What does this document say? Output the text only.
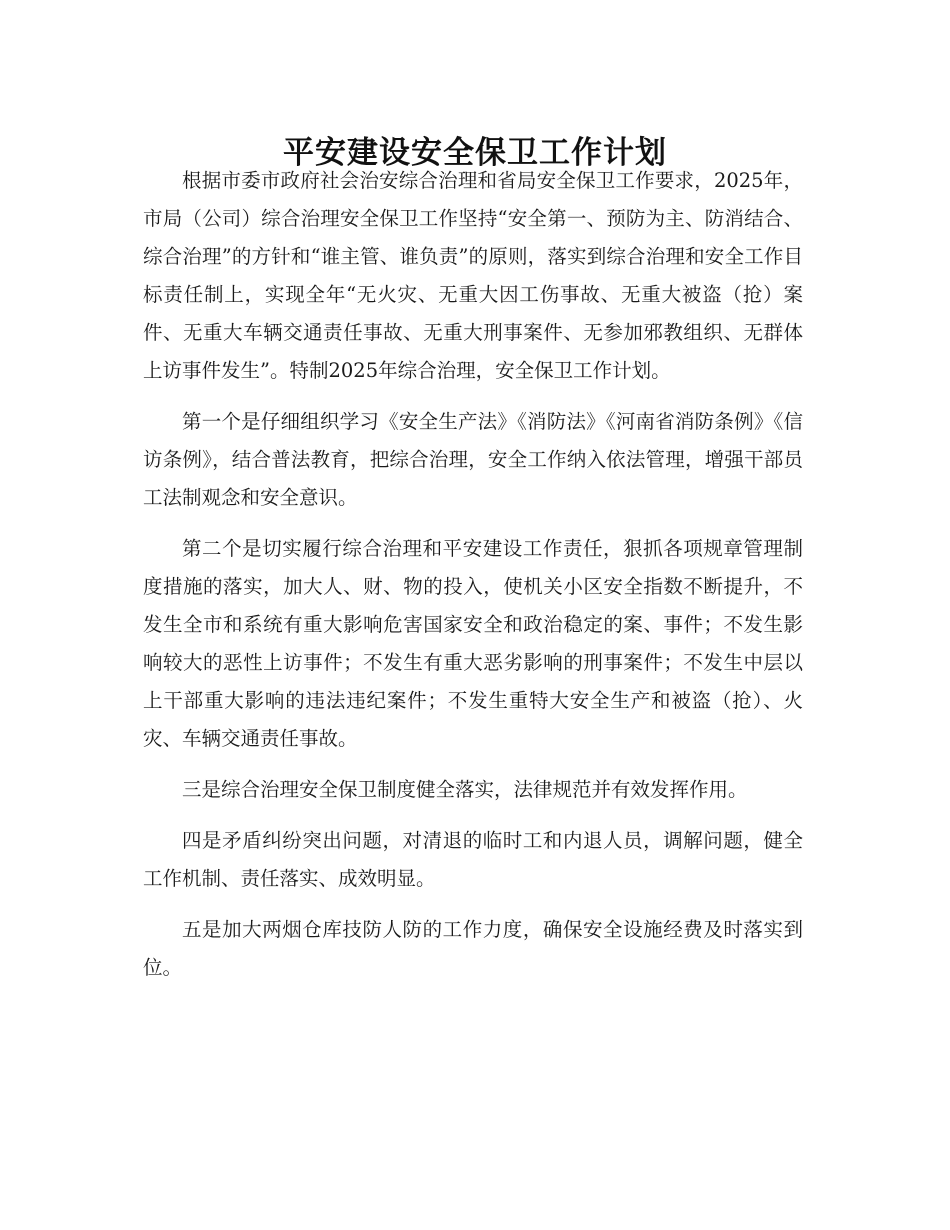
平安建设安全保卫工作计划

根据市委市政府社会治安综合治理和省局安全保卫工作要求，2025年，市局（公司）综合治理安全保卫工作坚持“安全第一、预防为主、防消结合、综合治理”的方针和“谁主管、谁负责”的原则，落实到综合治理和安全工作目标责任制上，实现全年“无火灾、无重大因工伤事故、无重大被盗（抢）案件、无重大车辆交通责任事故、无重大刑事案件、无参加邪教组织、无群体上访事件发生”。特制2025年综合治理，安全保卫工作计划。

第一个是仔细组织学习《安全生产法》《消防法》《河南省消防条例》《信访条例》，结合普法教育，把综合治理，安全工作纳入依法管理，增强干部员工法制观念和安全意识。

第二个是切实履行综合治理和平安建设工作责任，狠抓各项规章管理制度措施的落实，加大人、财、物的投入，使机关小区安全指数不断提升，不发生全市和系统有重大影响危害国家安全和政治稳定的案、事件；不发生影响较大的恶性上访事件；不发生有重大恶劣影响的刑事案件；不发生中层以上干部重大影响的违法违纪案件；不发生重特大安全生产和被盗（抢）、火灾、车辆交通责任事故。

三是综合治理安全保卫制度健全落实，法律规范并有效发挥作用。

四是矛盾纠纷突出问题，对清退的临时工和内退人员，调解问题，健全工作机制、责任落实、成效明显。

五是加大两烟仓库技防人防的工作力度，确保安全设施经费及时落实到位。
